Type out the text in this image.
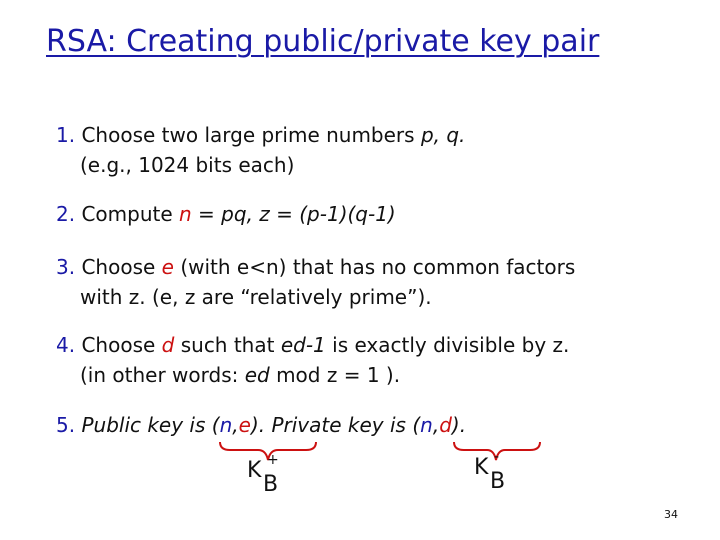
RSA: Creating public/private key pair
1. Choose two large prime numbers p, q.
(e.g., 1024 bits each)
2. Compute n = pq, z = (p-1)(q-1)
3. Choose e (with e<n) that has no common factors
with z. (e, z are “relatively prime”).
4. Choose d such that ed-1 is exactly divisible by z.
(in other words: ed mod z = 1 ).
5. Public key is (n,e). Private key is (n,d).
K +
B
K -
B
34
